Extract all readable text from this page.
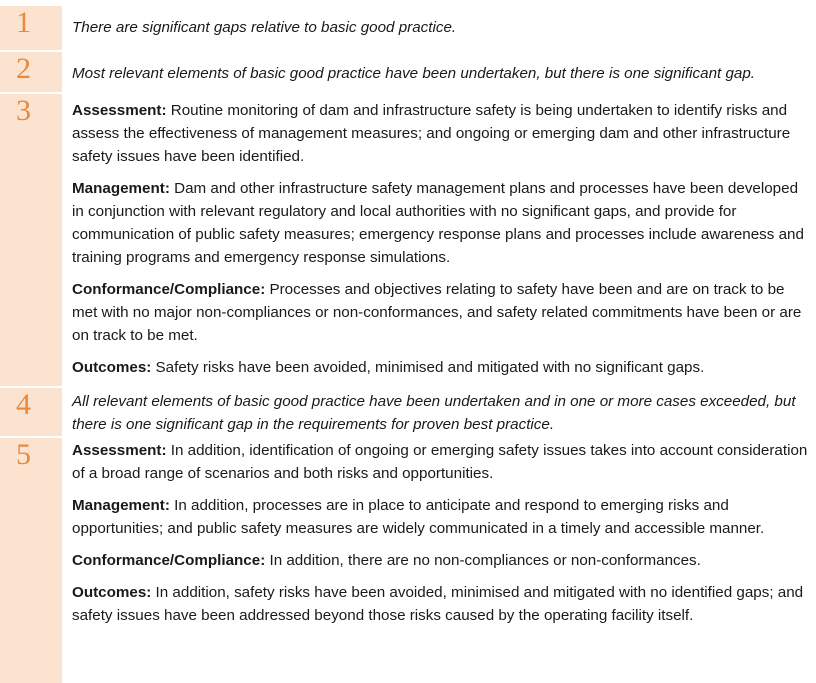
1	There are significant gaps relative to basic good practice.

2	Most relevant elements of basic good practice have been undertaken, but there is one significant gap.

3	Assessment: Routine monitoring of dam and infrastructure safety is being undertaken to identify risks and assess the effectiveness of management measures; and ongoing or emerging dam and other infrastructure safety issues have been identified.

Management: Dam and other infrastructure safety management plans and processes have been developed in conjunction with relevant regulatory and local authorities with no significant gaps, and provide for communication of public safety measures; emergency response plans and processes include awareness and training programs and emergency response simulations.

Conformance/Compliance: Processes and objectives relating to safety have been and are on track to be met with no major non-compliances or non-conformances, and safety related commitments have been or are on track to be met.

Outcomes: Safety risks have been avoided, minimised and mitigated with no significant gaps.

4	All relevant elements of basic good practice have been undertaken and in one or more cases exceeded, but there is one significant gap in the requirements for proven best practice.

5	Assessment: In addition, identification of ongoing or emerging safety issues takes into account consideration of a broad range of scenarios and both risks and opportunities.

Management: In addition, processes are in place to anticipate and respond to emerging risks and opportunities; and public safety measures are widely communicated in a timely and accessible manner.

Conformance/Compliance: In addition, there are no non-compliances or non-conformances.

Outcomes: In addition, safety risks have been avoided, minimised and mitigated with no identified gaps; and safety issues have been addressed beyond those risks caused by the operating facility itself.
